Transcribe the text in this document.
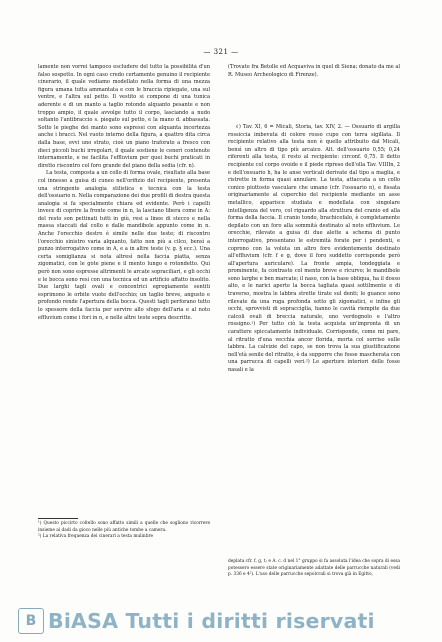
— 321 —

lamente non vorrei tampoco escludere del tutto la possibilità d'un falso sospetto. In ogni caso credo certamente genuino il recipiente cinerario, il quale vediamo modellato nella forma di una mezza figura umana tutta ammantata e con le braccia ripiegate, una sul ventre, e l'altra sul petto. Il vestito si compone di una tunica aderente e di un manto a taglio rotondo alquanto pesante e non troppo ampio, il quale avvolge tutto il corpo, lasciando a nudo soltanto l'antibraccio s. piegato sul petto, e la mano d. abbassata. Sotto le pieghe dei manto sono espressi con alquanta incertezza anche i bracci. Nel vuoto interno della figura, a quattro dita circa dalla base, evvi uno strato, cioè un piano traforato a fresco con dieci piccoli buchi irregolari, il quale sostiene le ceneri contenute internamente, e ne facilita l'effluvium per quei buchi praticati in diretto riscontro col foro grande del piano della sedia (cfr. n).

La testa, composta a un collo di forma ovale, risultato alla base col innesso a guisa di cuneo nell'orifizio del recipiente, presenta una stringente analogia stilistica e tecnica con la testa dell'ossuario n. Nella comparazione dei due profili di destra questa analogia si fa specialmente chiara ed evidente. Però i capelli invece di coprire la fronte come in n, la lasciano libera come in A: del resto son pettinati tutti in giù, resi a linee di stecco e nella massa staccati dal collo e dalle mandibole appunto come in n. Anche l'orecchio destro è simile nelle due teste; di riscontro l'orecchio sinistro varia alquanto, fatto non più a cilco, bensì a punzo interrogativo come in A, e a in altre teste (v. g. § ecc.). Una certa somiglianza si nota altresì nella faccia piatta, senza zigomatici, con le gote piene e il mento lungo e rotondetto. Qui però non sono espresse altrimenti le arcate sopraciliari, e gli occhi e le bocca sono resi con una tecnica ed un artificio affatto insolito. Due larghi tagli ovali e concentrici egregiamente sentiti esprimono le orbite vuote dell'occhio; un taglio breve, angusto e profondo rende l'apertura della bocca. Questi tagli perforano tutto lo spessore della faccia per servire allo sfogo dell'aria e al noto effluvium come i fori in n, e nelle altre teste sopra descritte.

¹) Questo piccirto coltello sono affatto simili a quelle che sogliono ricorrere insieme ai dadi da gioco nelle più antiche tombe a camera.

²) La relativa frequenza dei cinerari a testa mulinbre

(Trovato fra Betolle ed Acquaviva in quel di Siena; donato da me al R. Museo Archeologico di Firenze).

ℓ) Tav. XI, 6 = Micali, Storia, tav. XIV, 2. — Ossuario di argilla rossiccia imbevuta di colore rosso cupo con terra sigillata. Il recipiente relativo alla testa non è quello attribuito dal Micali, bensì un altro di tipo più arcaico. Alt. dell'ossuario 0,55; 0,24 riferenti alla testa, il resto al recipiente: circonf. 0,75. Il detto recipiente col corpo ovoide e il piede ripreso dell'olla Tav. VIIIIn, 2 e dell'ossuario h, ha le anse verticali derivate dal tipo a maglia, e ristrette in forma quasi annulare. La testa, attaccata a un collo conico piuttosto vasculare che umano (cfr. l'ossuario n), e fissata originariamente al coperchio del recipiente mediante un asse metallico, apparisce studiata e modellata con singolare intelligenza del vero, col riguardo alla struttura del cranio ed alla forma della faccia. Il cranio tondo, brachicefalo, è completamente depilato con un foro alla sommità destinato al noto effluvium. Le orecchie, rilevate a guisa di due alette a schema di punto interrogativo, presentano le estremità forate per i pendenti, e coprono con la voluta un altro foro evidentemente destinato all'effluvium (cfr. f e g, dove il foro suddetto corrisponde però all'apertura auriculare). La fronte ampia, tondeggiata e prominente, fa contrasto col mento breve e ricurvo; le mandibole sono larghe e ben marcate; il naso, con la base obliqua, ha il dosso alto, e le narici aperte la bocca tagliata quasi sottilmente e di traverso, mostra le labbra strette tirate sul denti; le guance sono rilevate da una ruga profonda sotto gli zigomatici, e infine gli occhi, sprovvisti di sopracciglia, hanno le cavità riempite da due calcoli ovali di breccia naturale, uno verdognolo e l'altro rossigno.¹) Per tutto ciò la testa acquista un'impronta di un carattere spiccatamente individuale. Corrisponde, come mi pare, al ritratto d'una vecchia ancor florida, morta col sorriso sulle labbra. La calvizie del capo, se non trova la sua giustificazione nell'età senile del ritratto, è da supporre che fosse mascherata con una parrucca di capelli veri.²) Le aperture interiori delle fosse nasali e la

deplata cfr. f, g, t; e A. c. d nel 1° gruppo si fa assoluta l'idea che sopra di essa potessero essere state originariamente adattate delle parrucche naturali (vedi p. 336 e 4²). L'uso delle parrucche sepolcrali si trova già in Egitto,

B BiASA Tutti i diritti riservati
